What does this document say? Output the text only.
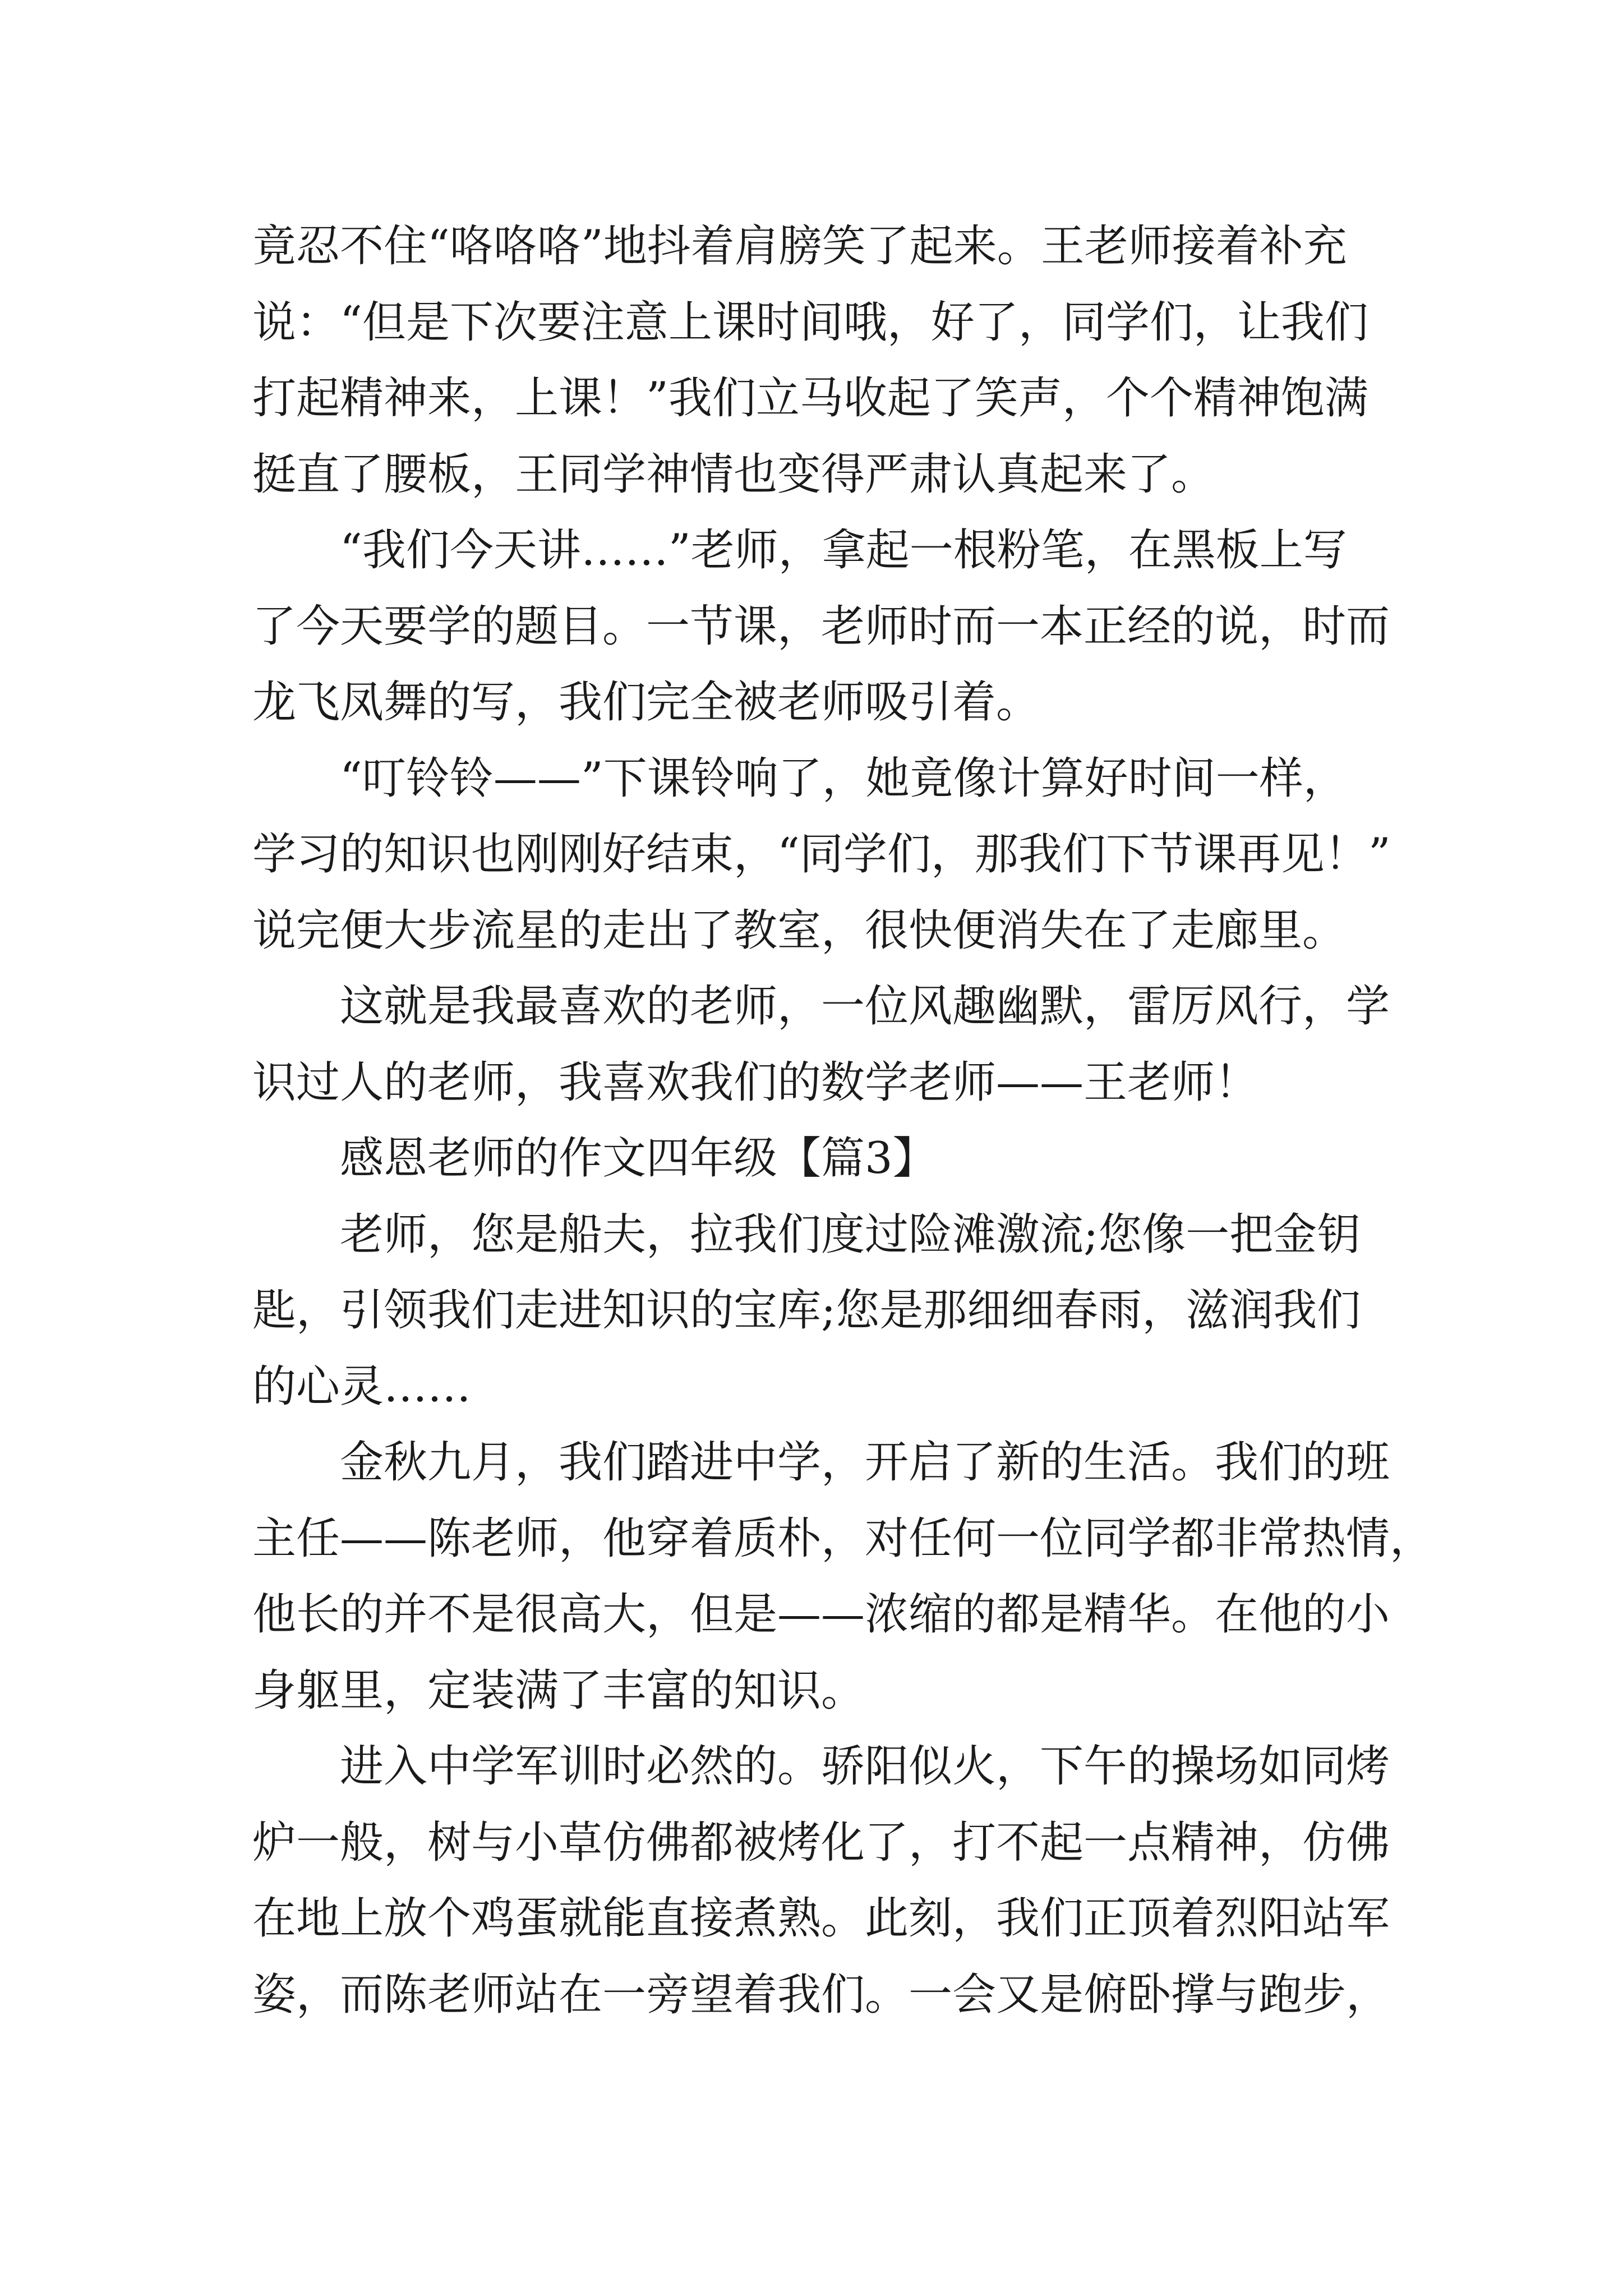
竟忍不住“咯咯咯”地抖着肩膀笑了起来。王老师接着补充
说：“但是下次要注意上课时间哦，好了，同学们，让我们
打起精神来，上课！”我们立马收起了笑声，个个精神饱满
挺直了腰板，王同学神情也变得严肃认真起来了。
“我们今天讲……”老师，拿起一根粉笔，在黑板上写
了今天要学的题目。一节课，老师时而一本正经的说，时而
龙飞凤舞的写，我们完全被老师吸引着。
“叮铃铃——”下课铃响了，她竟像计算好时间一样，
学习的知识也刚刚好结束，“同学们，那我们下节课再见！”
说完便大步流星的走出了教室，很快便消失在了走廊里。
这就是我最喜欢的老师，一位风趣幽默，雷厉风行，学
识过人的老师，我喜欢我们的数学老师——王老师！
感恩老师的作文四年级【篇3】
老师，您是船夫，拉我们度过险滩激流;您像一把金钥
匙，引领我们走进知识的宝库;您是那细细春雨，滋润我们
的心灵……
金秋九月，我们踏进中学，开启了新的生活。我们的班
主任——陈老师，他穿着质朴，对任何一位同学都非常热情，
他长的并不是很高大，但是——浓缩的都是精华。在他的小
身躯里，定装满了丰富的知识。
进入中学军训时必然的。骄阳似火，下午的操场如同烤
炉一般，树与小草仿佛都被烤化了，打不起一点精神，仿佛
在地上放个鸡蛋就能直接煮熟。此刻，我们正顶着烈阳站军
姿，而陈老师站在一旁望着我们。一会又是俯卧撑与跑步，
